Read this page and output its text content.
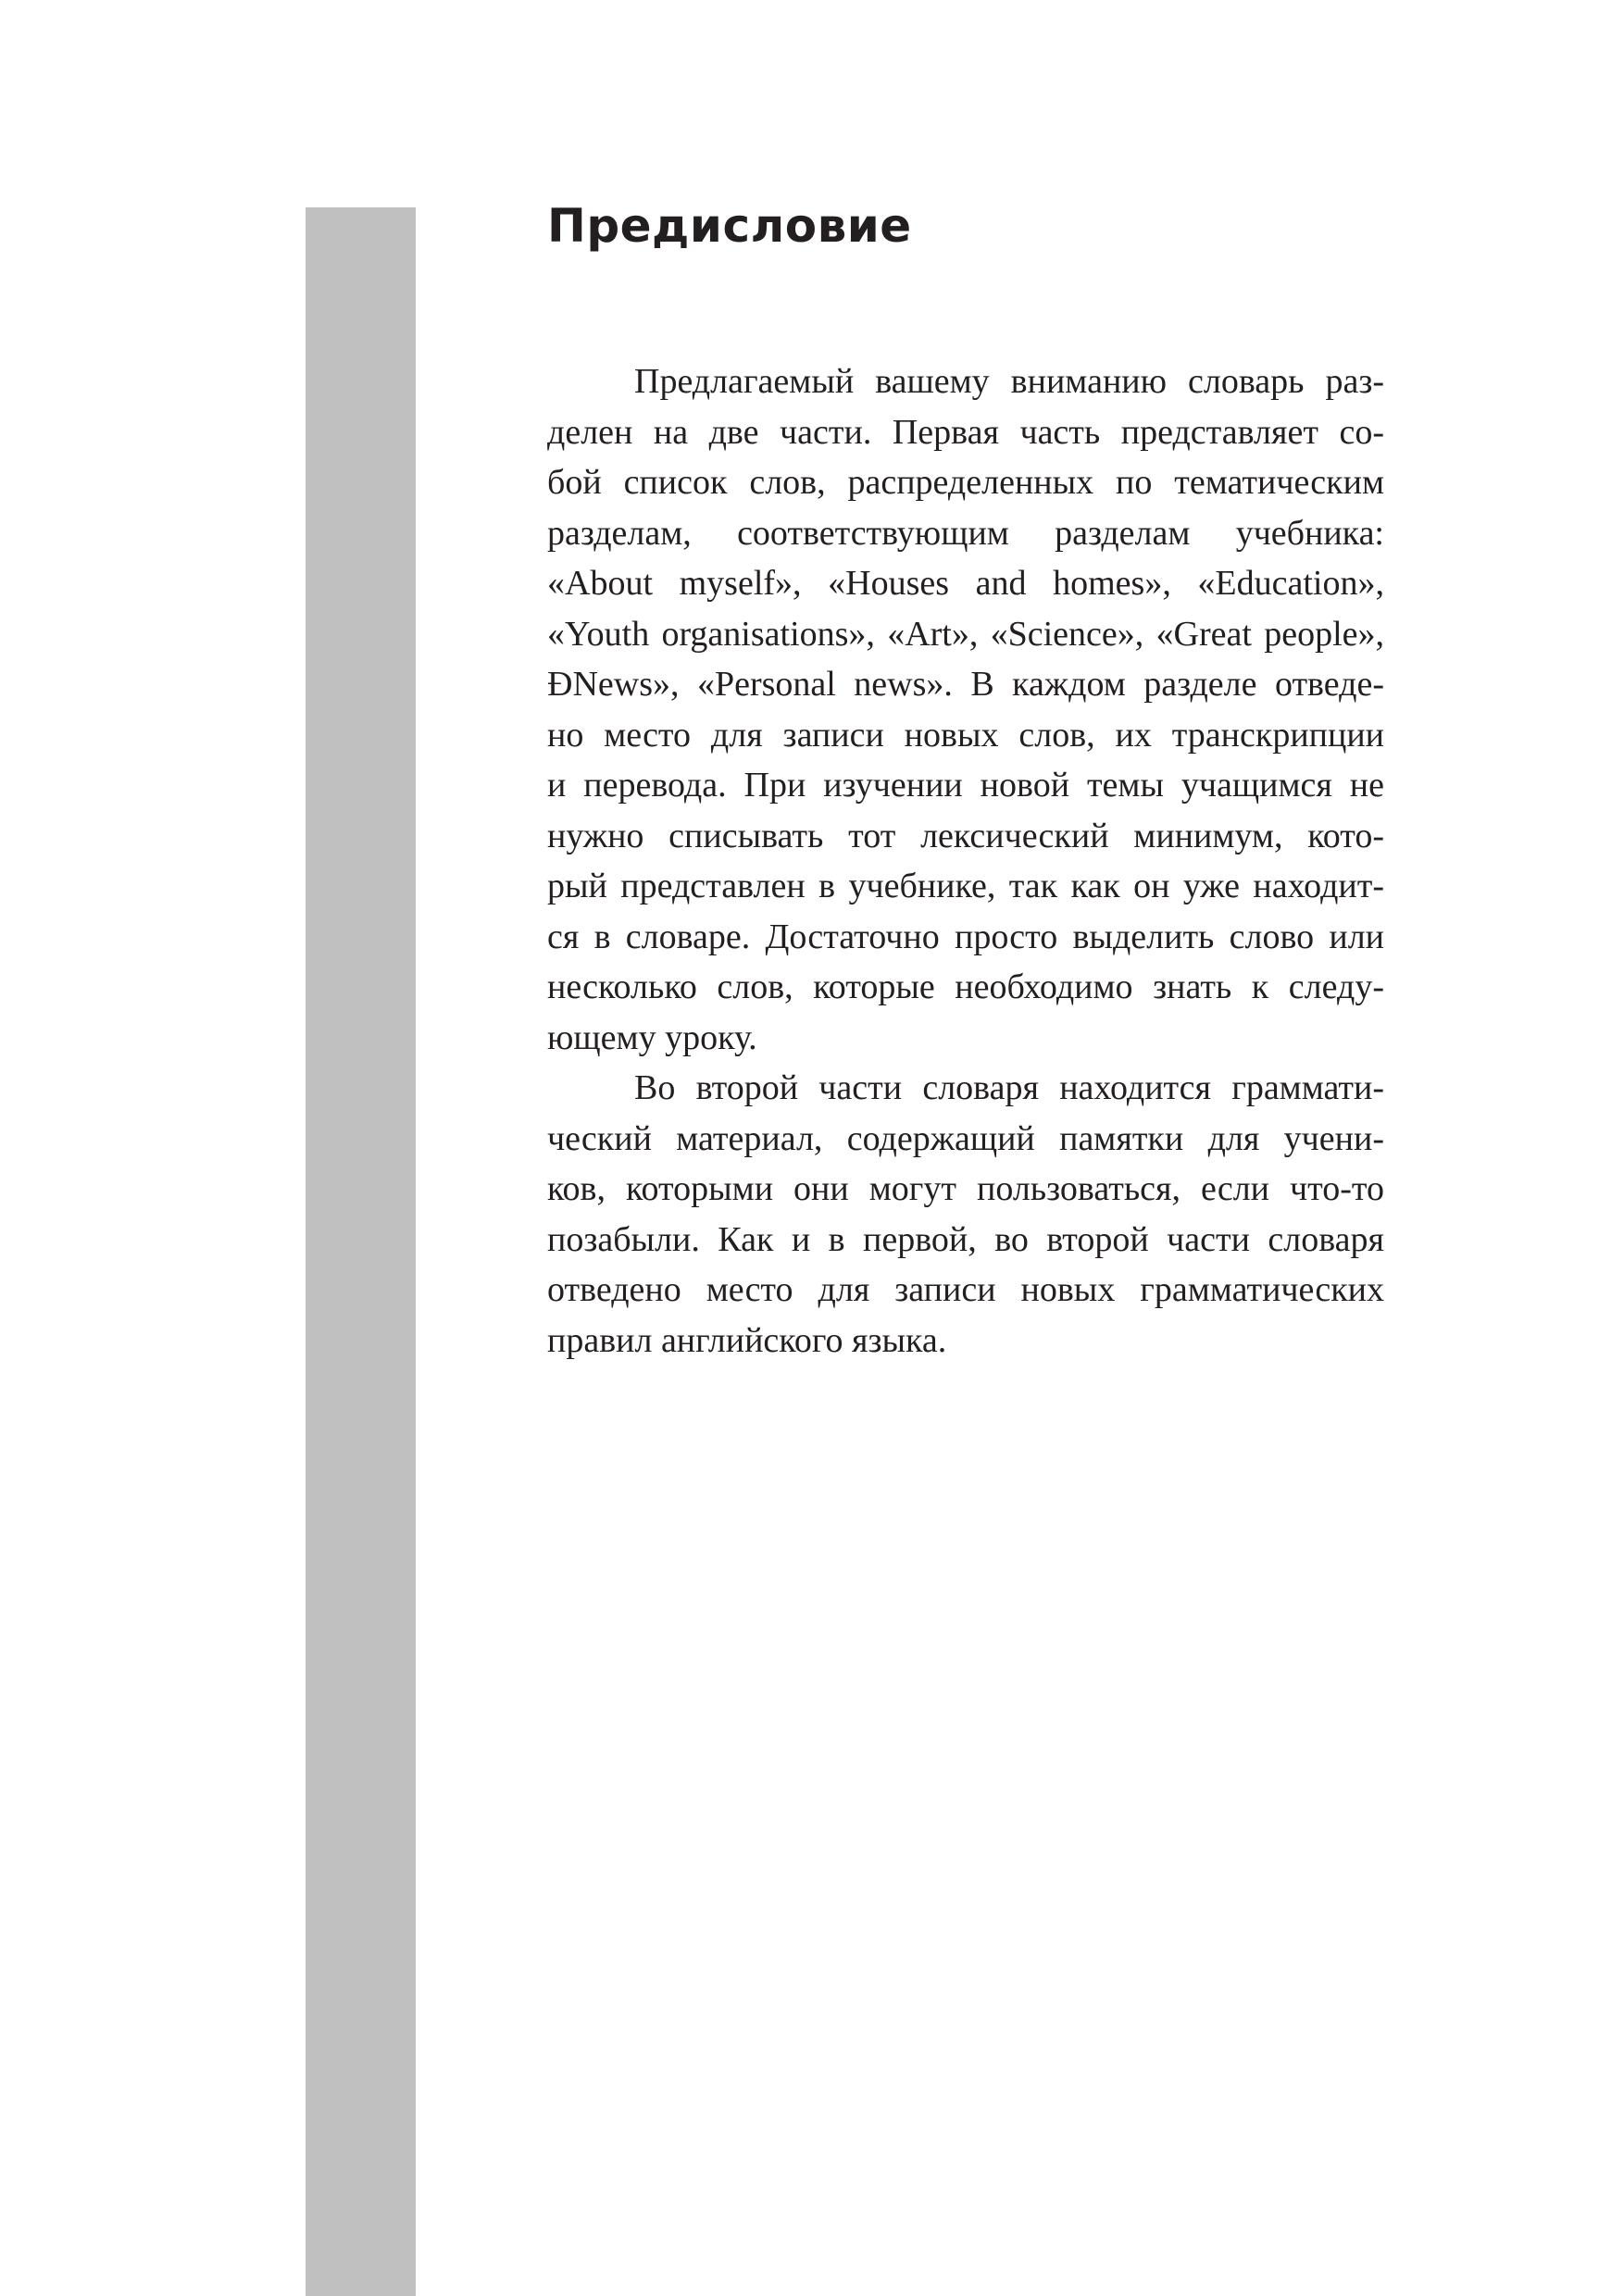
Предисловие
Предлагаемый вашему вниманию словарь раз-
делен на две части. Первая часть представляет со-
бой список слов, распределенных по тематическим
разделам, соответствующим разделам учебника:
«About myself», «Houses and homes», «Education»,
«Youth organisations», «Art», «Science», «Great people»,
ÐNews», «Personal news». В каждом разделе отведе-
но место для записи новых слов, их транскрипции
и перевода. При изучении новой темы учащимся не
нужно списывать тот лексический минимум, кото-
рый представлен в учебнике, так как он уже находит-
ся в словаре. Достаточно просто выделить слово или
несколько слов, которые необходимо знать к следу-
ющему уроку.
Во второй части словаря находится граммати-
ческий материал, содержащий памятки для учени-
ков, которыми они могут пользоваться, если что-то
позабыли. Как и в первой, во второй части словаря
отведено место для записи новых грамматических
правил английского языка.
